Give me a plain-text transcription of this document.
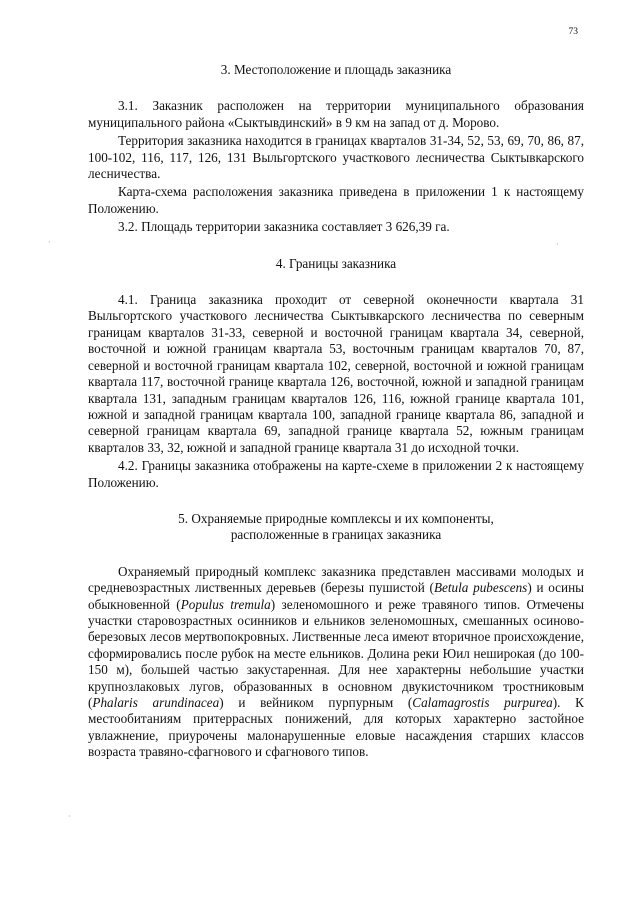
73
·
·
·

3. Местоположение и площадь заказника

3.1. Заказник расположен на территории муниципального образования муниципального района «Сыктывдинский» в 9 км на запад от д. Морово.

Территория заказника находится в границах кварталов 31-34, 52, 53, 69, 70, 86, 87, 100-102, 116, 117, 126, 131 Выльгортского участкового лесничества Сыктывкарского лесничества.

Карта-схема расположения заказника приведена в приложении 1 к настоящему Положению.

3.2. Площадь территории заказника составляет 3 626,39 га.

4. Границы заказника

4.1. Граница заказника проходит от северной оконечности квартала 31 Выльгортского участкового лесничества Сыктывкарского лесничества по северным границам кварталов 31-33, северной и восточной границам квартала 34, северной, восточной и южной границам квартала 53, восточным границам кварталов 70, 87, северной и восточной границам квартала 102, северной, восточной и южной границам квартала 117, восточной границе квартала 126, восточной, южной и западной границам квартала 131, западным границам кварталов 126, 116, южной границе квартала 101, южной и западной границам квартала 100, западной границе квартала 86, западной и северной границам квартала 69, западной границе квартала 52, южным границам кварталов 33, 32, южной и западной границе квартала 31 до исходной точки.

4.2. Границы заказника отображены на карте-схеме в приложении 2 к настоящему Положению.

5. Охраняемые природные комплексы и их компоненты,
расположенные в границах заказника

Охраняемый природный комплекс заказника представлен массивами молодых и средневозрастных лиственных деревьев (березы пушистой (Betula pubescens) и осины обыкновенной (Populus tremula) зеленомошного и реже травяного типов. Отмечены участки старовозрастных осинников и ельников зеленомошных, смешанных осиново-березовых лесов мертвопокровных. Лиственные леса имеют вторичное происхождение, сформировались после рубок на месте ельников. Долина реки Юил неширокая (до 100-150 м), большей частью закустаренная. Для нее характерны небольшие участки крупнозлаковых лугов, образованных в основном двукисточником тростниковым (Phalaris arundinacea) и вейником пурпурным (Calamagrostis purpurea). К местообитаниям притеррасных понижений, для которых характерно застойное увлажнение, приурочены малонарушенные еловые насаждения старших классов возраста травяно-сфагнового и сфагнового типов.
